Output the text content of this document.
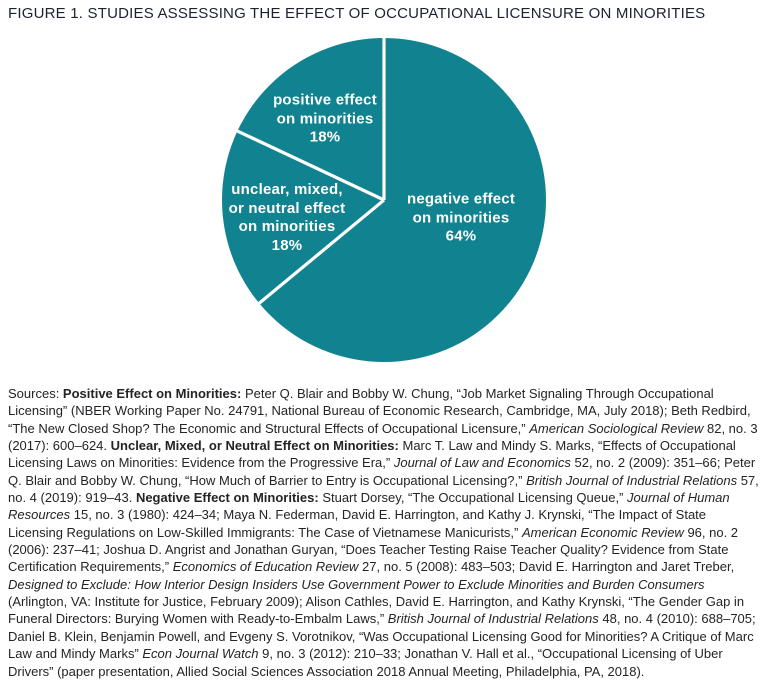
FIGURE 1. STUDIES ASSESSING THE EFFECT OF OCCUPATIONAL LICENSURE ON MINORITIES
negative effect
on minorities
64%
unclear, mixed,
or neutral effect
on minorities
18%
positive effect
on minorities
18%

Sources: Positive Effect on Minorities: Peter Q. Blair and Bobby W. Chung, “Job Market Signaling Through Occupational Licensing” (NBER Working Paper No. 24791, National Bureau of Economic Research, Cambridge, MA, July 2018); Beth Redbird, “The New Closed Shop? The Economic and Structural Effects of Occupational Licensure,” American Sociological Review 82, no. 3 (2017): 600–624. Unclear, Mixed, or Neutral Effect on Minorities: Marc T. Law and Mindy S. Marks, “Effects of Occupational Licensing Laws on Minorities: Evidence from the Progressive Era,” Journal of Law and Economics 52, no. 2 (2009): 351–66; Peter Q. Blair and Bobby W. Chung, “How Much of Barrier to Entry is Occupational Licensing?,” British Journal of Industrial Relations 57, no. 4 (2019): 919–43. Negative Effect on Minorities: Stuart Dorsey, “The Occupational Licensing Queue,” Journal of Human Resources 15, no. 3 (1980): 424–34; Maya N. Federman, David E. Harrington, and Kathy J. Krynski, “The Impact of State Licensing Regulations on Low-Skilled Immigrants: The Case of Vietnamese Manicurists,” American Economic Review 96, no. 2 (2006): 237–41; Joshua D. Angrist and Jonathan Guryan, “Does Teacher Testing Raise Teacher Quality? Evidence from State Certification Requirements,” Economics of Education Review 27, no. 5 (2008): 483–503; David E. Harrington and Jaret Treber, Designed to Exclude: How Interior Design Insiders Use Government Power to Exclude Minorities and Burden Consumers (Arlington, VA: Institute for Justice, February 2009); Alison Cathles, David E. Harrington, and Kathy Krynski, “The Gender Gap in Funeral Directors: Burying Women with Ready-to-Embalm Laws,” British Journal of Industrial Relations 48, no. 4 (2010): 688–705; Daniel B. Klein, Benjamin Powell, and Evgeny S. Vorotnikov, “Was Occupational Licensing Good for Minorities? A Critique of Marc Law and Mindy Marks” Econ Journal Watch 9, no. 3 (2012): 210–33; Jonathan V. Hall et al., “Occupational Licensing of Uber Drivers” (paper presentation, Allied Social Sciences Association 2018 Annual Meeting, Philadelphia, PA, 2018).
